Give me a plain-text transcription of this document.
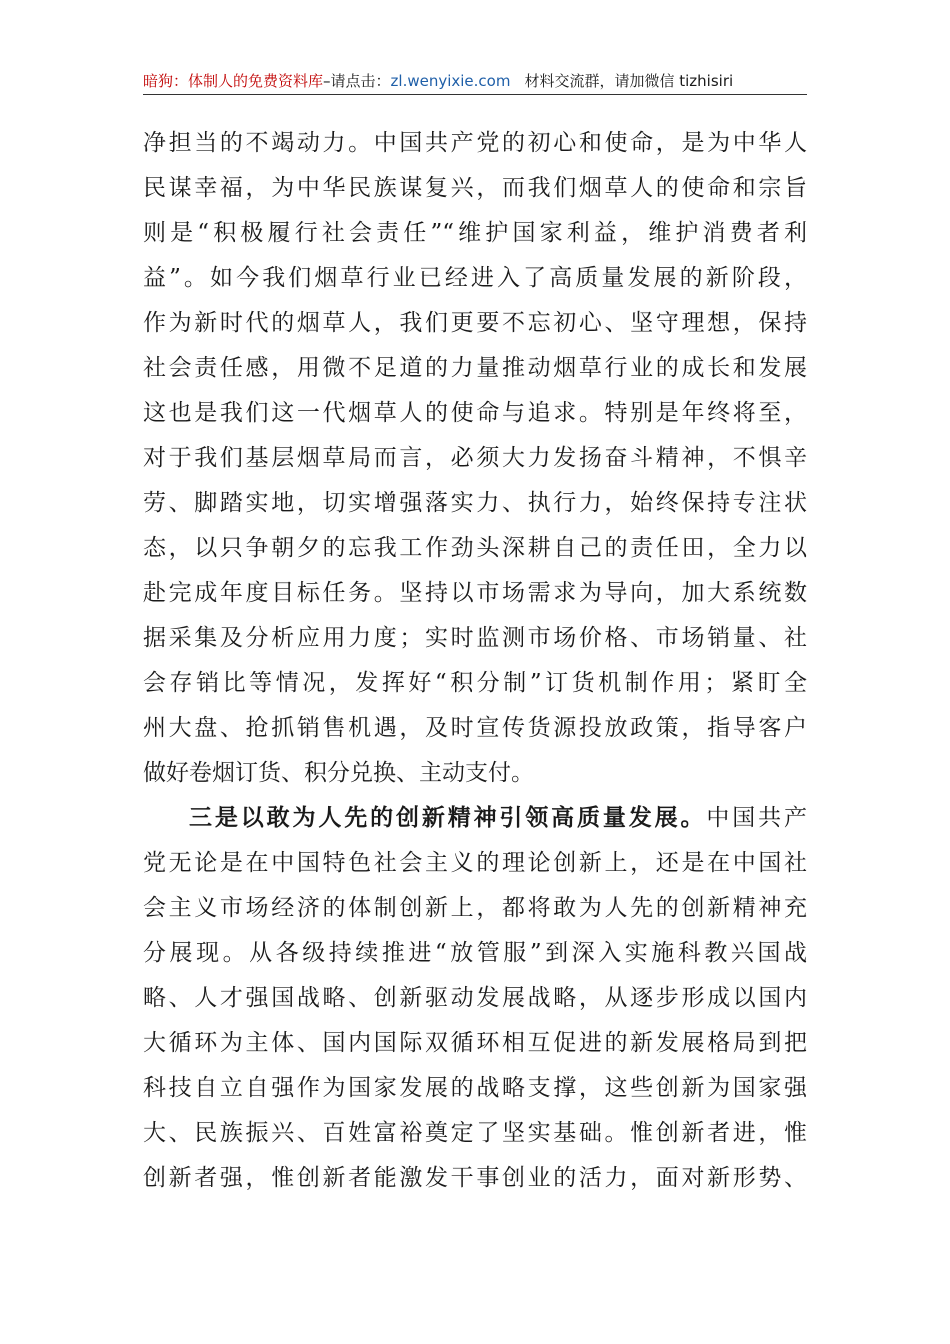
暗狗：体制人的免费资料库–请点击：zl.wenyixie.com 材料交流群，请加微信 tizhisiri
净担当的不竭动力。中国共产党的初心和使命，是为中华人
民谋幸福，为中华民族谋复兴，而我们烟草人的使命和宗旨
则是“积极履行社会责任”“维护国家利益，维护消费者利
益”。如今我们烟草行业已经进入了高质量发展的新阶段，
作为新时代的烟草人，我们更要不忘初心、坚守理想，保持
社会责任感，用微不足道的力量推动烟草行业的成长和发展
这也是我们这一代烟草人的使命与追求。特别是年终将至，
对于我们基层烟草局而言，必须大力发扬奋斗精神，不惧辛
劳、脚踏实地，切实增强落实力、执行力，始终保持专注状
态，以只争朝夕的忘我工作劲头深耕自己的责任田，全力以
赴完成年度目标任务。坚持以市场需求为导向，加大系统数
据采集及分析应用力度；实时监测市场价格、市场销量、社
会存销比等情况，发挥好“积分制”订货机制作用；紧盯全
州大盘、抢抓销售机遇，及时宣传货源投放政策，指导客户
做好卷烟订货、积分兑换、主动支付。
三是以敢为人先的创新精神引领高质量发展。中国共产
党无论是在中国特色社会主义的理论创新上，还是在中国社
会主义市场经济的体制创新上，都将敢为人先的创新精神充
分展现。从各级持续推进“放管服”到深入实施科教兴国战
略、人才强国战略、创新驱动发展战略，从逐步形成以国内
大循环为主体、国内国际双循环相互促进的新发展格局到把
科技自立自强作为国家发展的战略支撑，这些创新为国家强
大、民族振兴、百姓富裕奠定了坚实基础。惟创新者进，惟
创新者强，惟创新者能激发干事创业的活力，面对新形势、
